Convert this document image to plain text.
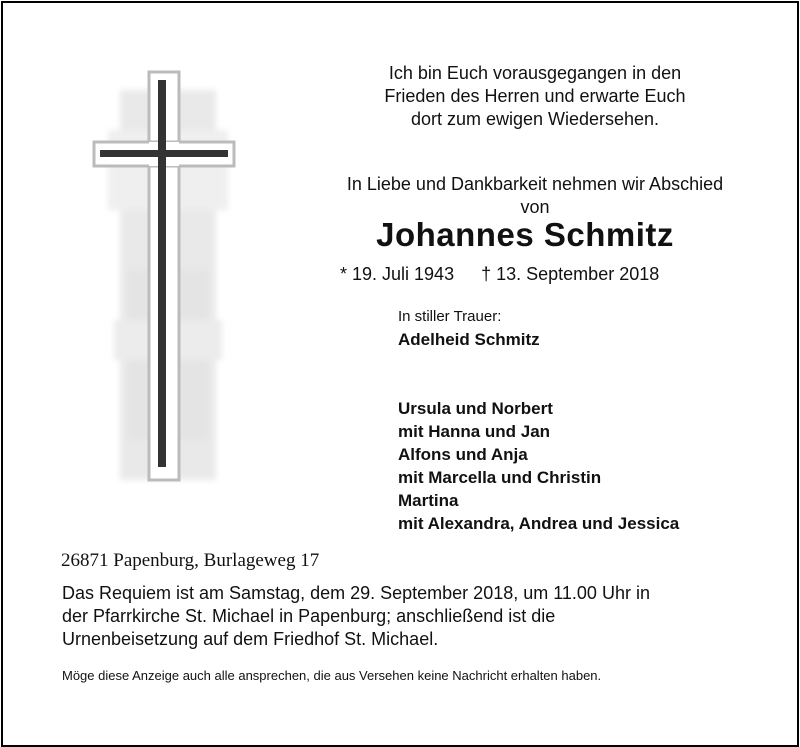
Ich bin Euch vorausgegangen in den
Frieden des Herren und erwarte Euch
dort zum ewigen Wiedersehen.
In Liebe und Dankbarkeit nehmen wir Abschied
von
Johannes Schmitz
* 19. Juli 1943 † 13. September 2018
In stiller Trauer:
Adelheid Schmitz
Ursula und Norbert
mit Hanna und Jan
Alfons und Anja
mit Marcella und Christin
Martina
mit Alexandra, Andrea und Jessica
26871 Papenburg, Burlageweg 17
Das Requiem ist am Samstag, dem 29. September 2018, um 11.00 Uhr in
der Pfarrkirche St. Michael in Papenburg; anschließend ist die
Urnenbeisetzung auf dem Friedhof St. Michael.
Möge diese Anzeige auch alle ansprechen, die aus Versehen keine Nachricht erhalten haben.
